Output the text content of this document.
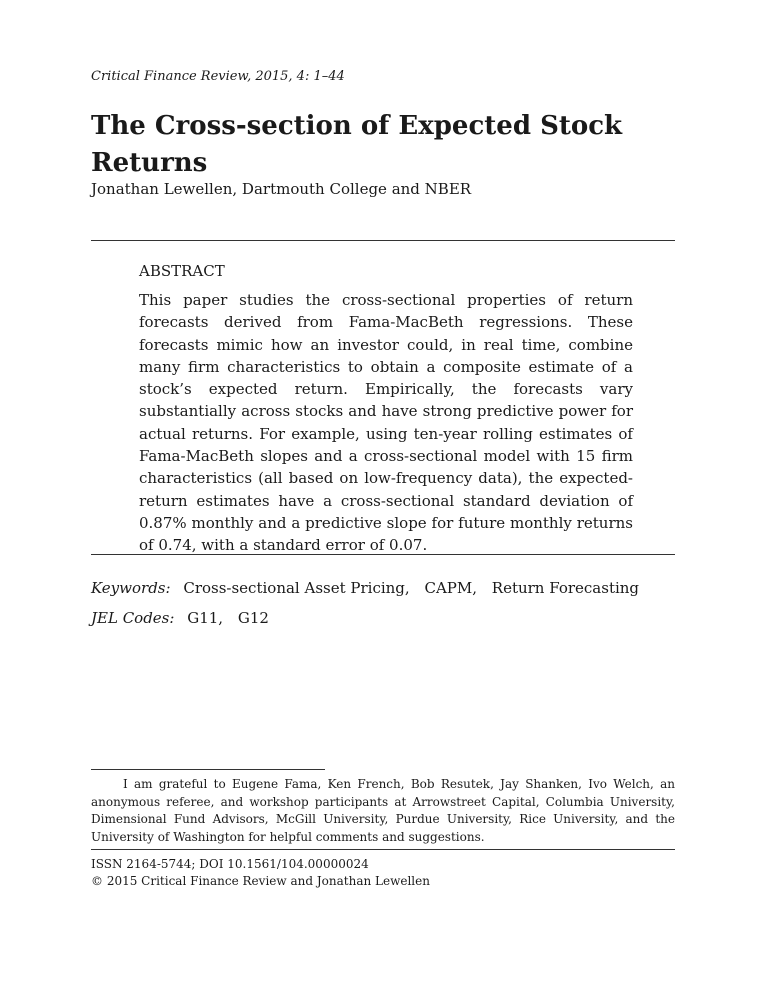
Critical Finance Review, 2015, 4: 1–44
The Cross-section of Expected Stock Returns
Jonathan Lewellen, Dartmouth College and NBER
ABSTRACT

This paper studies the cross-sectional properties of return forecasts derived from Fama-MacBeth regressions. These forecasts mimic how an investor could, in real time, combine many firm characteristics to obtain a composite estimate of a stock’s expected return. Empirically, the forecasts vary substantially across stocks and have strong predictive power for actual returns. For example, using ten-year rolling estimates of Fama-MacBeth slopes and a cross-sectional model with 15 firm characteristics (all based on low-frequency data), the expected-return estimates have a cross-sectional standard deviation of 0.87% monthly and a predictive slope for future monthly returns of 0.74, with a standard error of 0.07.

Keywords: Cross-sectional Asset Pricing, CAPM, Return Forecasting
JEL Codes: G11, G12

I am grateful to Eugene Fama, Ken French, Bob Resutek, Jay Shanken, Ivo Welch, an anonymous referee, and workshop participants at Arrowstreet Capital, Columbia University, Dimensional Fund Advisors, McGill University, Purdue University, Rice University, and the University of Washington for helpful comments and suggestions.

ISSN 2164-5744; DOI 10.1561/104.00000024
© 2015 Critical Finance Review and Jonathan Lewellen
